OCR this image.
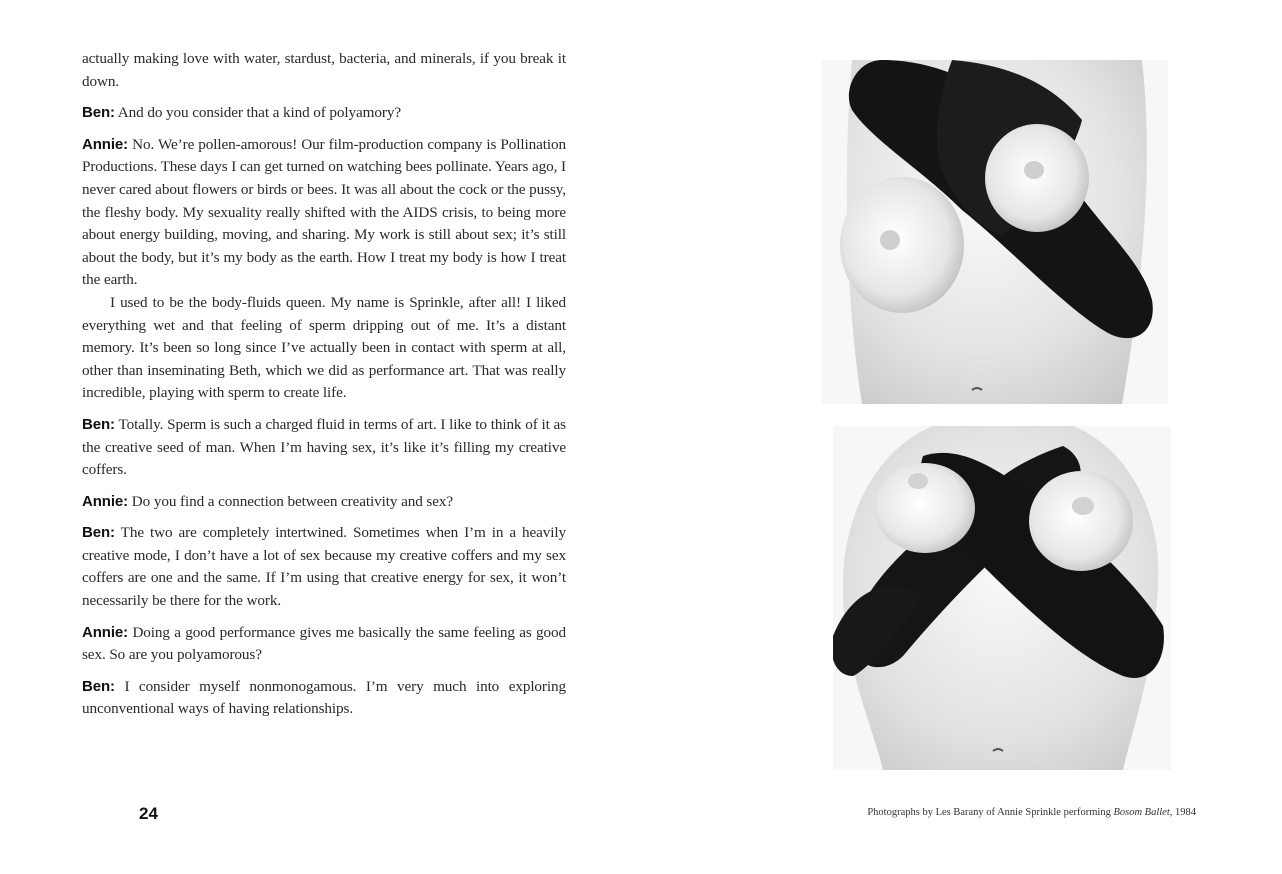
actually making love with water, stardust, bacteria, and minerals, if you break it down.

Ben: And do you consider that a kind of polyamory?

Annie: No. We’re pollen-amorous! Our film-production company is Pollination Productions. These days I can get turned on watching bees pollinate. Years ago, I never cared about flowers or birds or bees. It was all about the cock or the pussy, the fleshy body. My sexuality really shifted with the AIDS crisis, to being more about energy building, moving, and sharing. My work is still about sex; it’s still about the body, but it’s my body as the earth. How I treat my body is how I treat the earth.

I used to be the body-fluids queen. My name is Sprinkle, after all! I liked everything wet and that feeling of sperm dripping out of me. It’s a distant memory. It’s been so long since I’ve actually been in contact with sperm at all, other than inseminating Beth, which we did as performance art. That was really incredible, playing with sperm to create life.

Ben: Totally. Sperm is such a charged fluid in terms of art. I like to think of it as the creative seed of man. When I’m having sex, it’s like it’s filling my creative coffers.

Annie: Do you find a connection between creativity and sex?

Ben: The two are completely intertwined. Sometimes when I’m in a heavily creative mode, I don’t have a lot of sex because my creative coffers and my sex coffers are one and the same. If I’m using that creative energy for sex, it won’t necessarily be there for the work.

Annie: Doing a good performance gives me basically the same feeling as good sex. So are you polyamorous?

Ben: I consider myself nonmonogamous. I’m very much into exploring unconventional ways of having relationships.

24	Photographs by Les Barany of Annie Sprinkle performing Bosom Ballet, 1984
